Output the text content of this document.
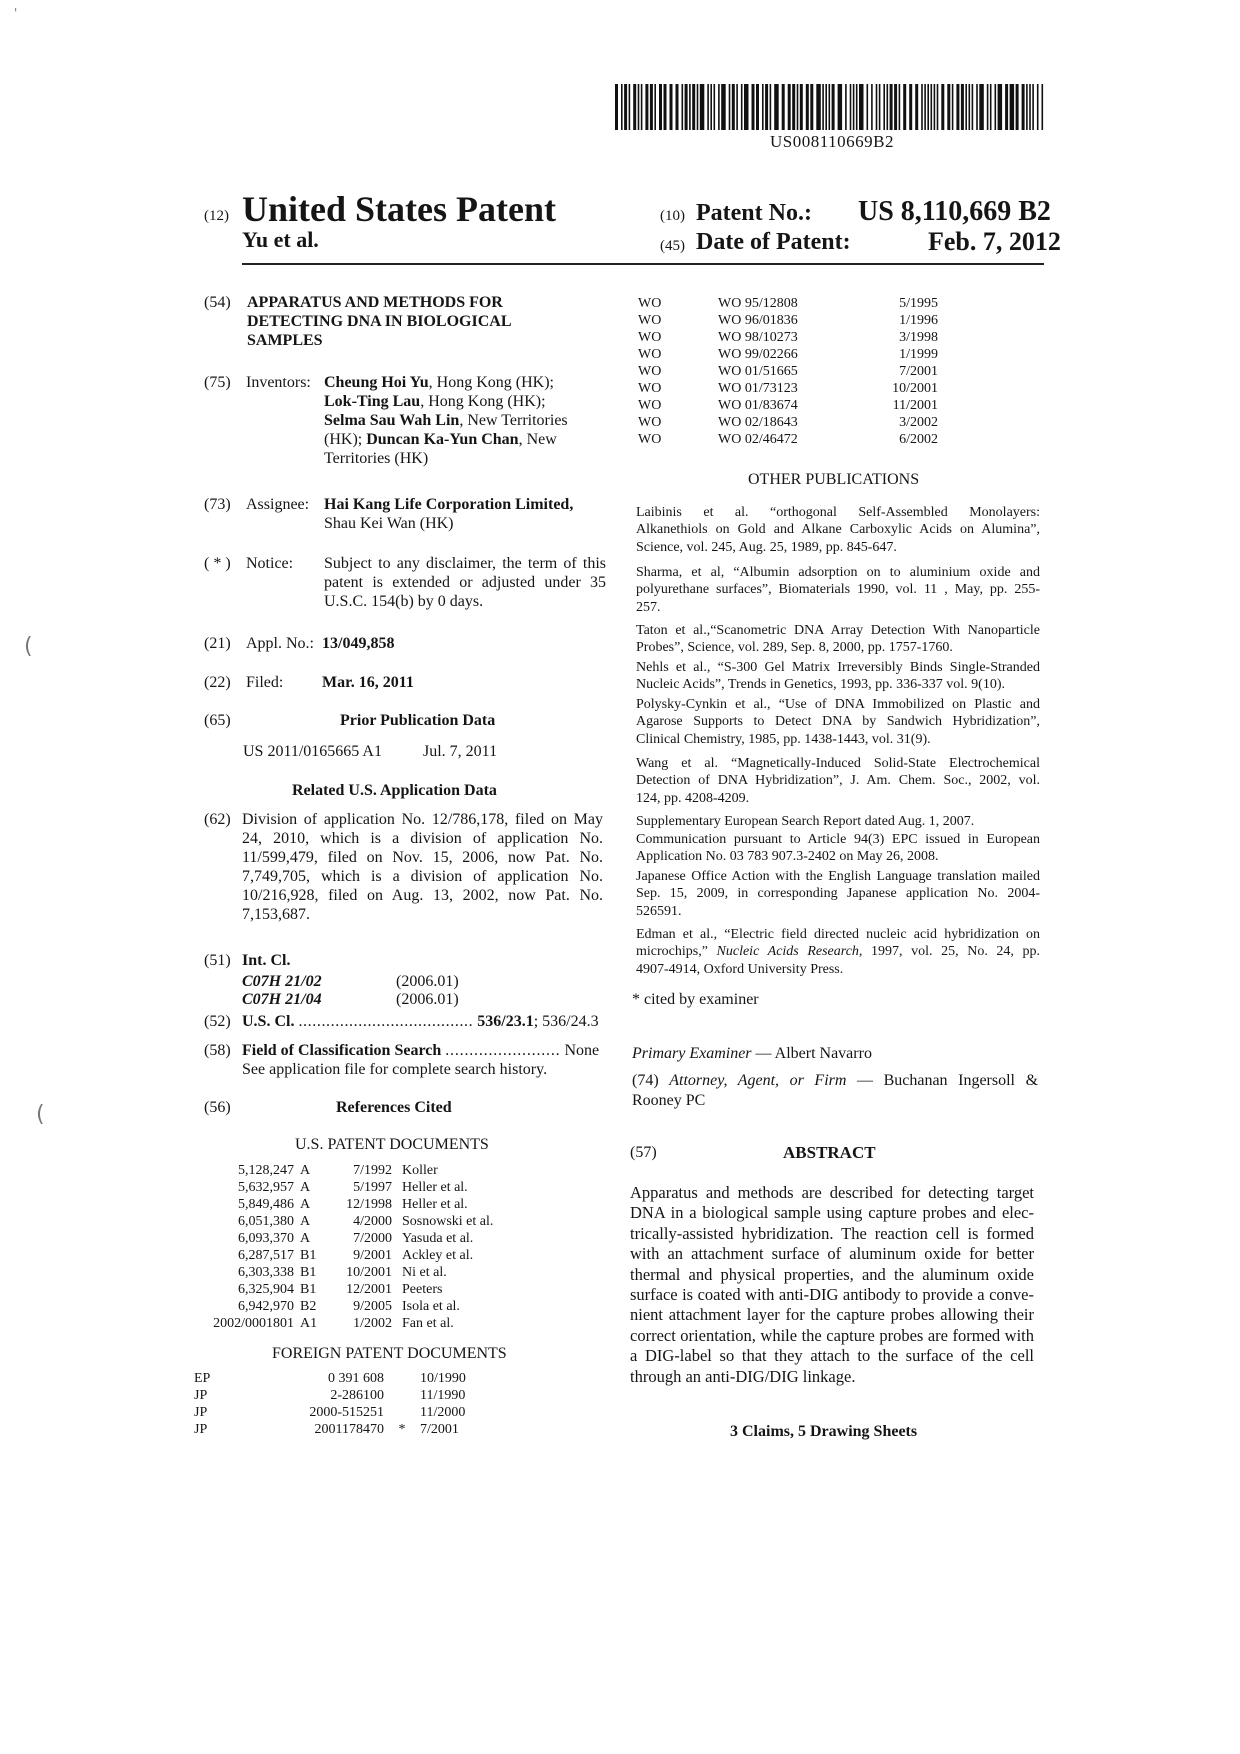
'
(
(
US008110669B2
(12) United States Patent
Yu et al.
(10) Patent No.: US 8,110,669 B2
(45) Date of Patent:	Feb. 7, 2012
(54) APPARATUS AND METHODS FOR
DETECTING DNA IN BIOLOGICAL
SAMPLES
(75) Inventors: Cheung Hoi Yu, Hong Kong (HK);
Lok-Ting Lau, Hong Kong (HK);
Selma Sau Wah Lin, New Territories
(HK); Duncan Ka-Yun Chan, New
Territories (HK)
(73) Assignee: Hai Kang Life Corporation Limited,
Shau Kei Wan (HK)
( * ) Notice: Subject to any disclaimer, the term of this
patent is extended or adjusted under 35
U.S.C. 154(b) by 0 days.
(21) Appl. No.: 13/049,858
(22) Filed: Mar. 16, 2011
(65)	Prior Publication Data
US 2011/0165665 A1	Jul. 7, 2011
Related U.S. Application Data
(62) Division of application No. 12/786,178, filed on May
24, 2010, which is a division of application No.
11/599,479, filed on Nov. 15, 2006, now Pat. No.
7,749,705, which is a division of application No.
10/216,928, filed on Aug. 13, 2002, now Pat. No.
7,153,687.
(51) Int. Cl.
C07H 21/02	(2006.01)
C07H 21/04	(2006.01)
(52) U.S. Cl. ...................................... 536/23.1; 536/24.3
(58) Field of Classification Search ........................ None
See application file for complete search history.
(56)	References Cited
U.S. PATENT DOCUMENTS
5,128,247	A	7/1992	Koller
5,632,957	A	5/1997	Heller et al.
5,849,486	A	12/1998	Heller et al.
6,051,380	A	4/2000	Sosnowski et al.
6,093,370	A	7/2000	Yasuda et al.
6,287,517	B1	9/2001	Ackley et al.
6,303,338	B1	10/2001	Ni et al.
6,325,904	B1	12/2001	Peeters
6,942,970	B2	9/2005	Isola et al.
2002/0001801	A1	1/2002	Fan et al.
FOREIGN PATENT DOCUMENTS
EP	0 391 608		10/1990
JP	2-286100		11/1990
JP	2000-515251		11/2000
JP	2001178470	*	7/2001
WO	WO 95/12808	5/1995
WO	WO 96/01836	1/1996
WO	WO 98/10273	3/1998
WO	WO 99/02266	1/1999
WO	WO 01/51665	7/2001
WO	WO 01/73123	10/2001
WO	WO 01/83674	11/2001
WO	WO 02/18643	3/2002
WO	WO 02/46472	6/2002
OTHER PUBLICATIONS

Laibinis et al. “orthogonal Self-Assembled Monolayers:

Alkanethiols on Gold and Alkane Carboxylic Acids on Alumina”,

Science, vol. 245, Aug. 25, 1989, pp. 845-647.

Sharma, et al, “Albumin adsorption on to aluminium oxide and

polyurethane surfaces”, Biomaterials 1990, vol. 11 , May, pp. 255-

257.

Taton et al.,“Scanometric DNA Array Detection With Nanoparticle

Probes”, Science, vol. 289, Sep. 8, 2000, pp. 1757-1760.

Nehls et al., “S-300 Gel Matrix Irreversibly Binds Single-Stranded

Nucleic Acids”, Trends in Genetics, 1993, pp. 336-337 vol. 9(10).

Polysky-Cynkin et al., “Use of DNA Immobilized on Plastic and

Agarose Supports to Detect DNA by Sandwich Hybridization”,

Clinical Chemistry, 1985, pp. 1438-1443, vol. 31(9).

Wang et al. “Magnetically-Induced Solid-State Electrochemical

Detection of DNA Hybridization”, J. Am. Chem. Soc., 2002, vol.

124, pp. 4208-4209.

Supplementary European Search Report dated Aug. 1, 2007.

Communication pursuant to Article 94(3) EPC issued in European

Application No. 03 783 907.3-2402 on May 26, 2008.

Japanese Office Action with the English Language translation mailed

Sep. 15, 2009, in corresponding Japanese application No. 2004-

526591.

Edman et al., “Electric field directed nucleic acid hybridization on

microchips,” Nucleic Acids Research, 1997, vol. 25, No. 24, pp.

4907-4914, Oxford University Press.

* cited by examiner
Primary Examiner — Albert Navarro
(74) Attorney, Agent, or Firm — Buchanan Ingersoll &
Rooney PC
(57)	ABSTRACT
Apparatus and methods are described for detecting target
DNA in a biological sample using capture probes and elec-
trically-assisted hybridization. The reaction cell is formed
with an attachment surface of aluminum oxide for better
thermal and physical properties, and the aluminum oxide
surface is coated with anti-DIG antibody to provide a conve-
nient attachment layer for the capture probes allowing their
correct orientation, while the capture probes are formed with
a DIG-label so that they attach to the surface of the cell
through an anti-DIG/DIG linkage.
3 Claims, 5 Drawing Sheets
